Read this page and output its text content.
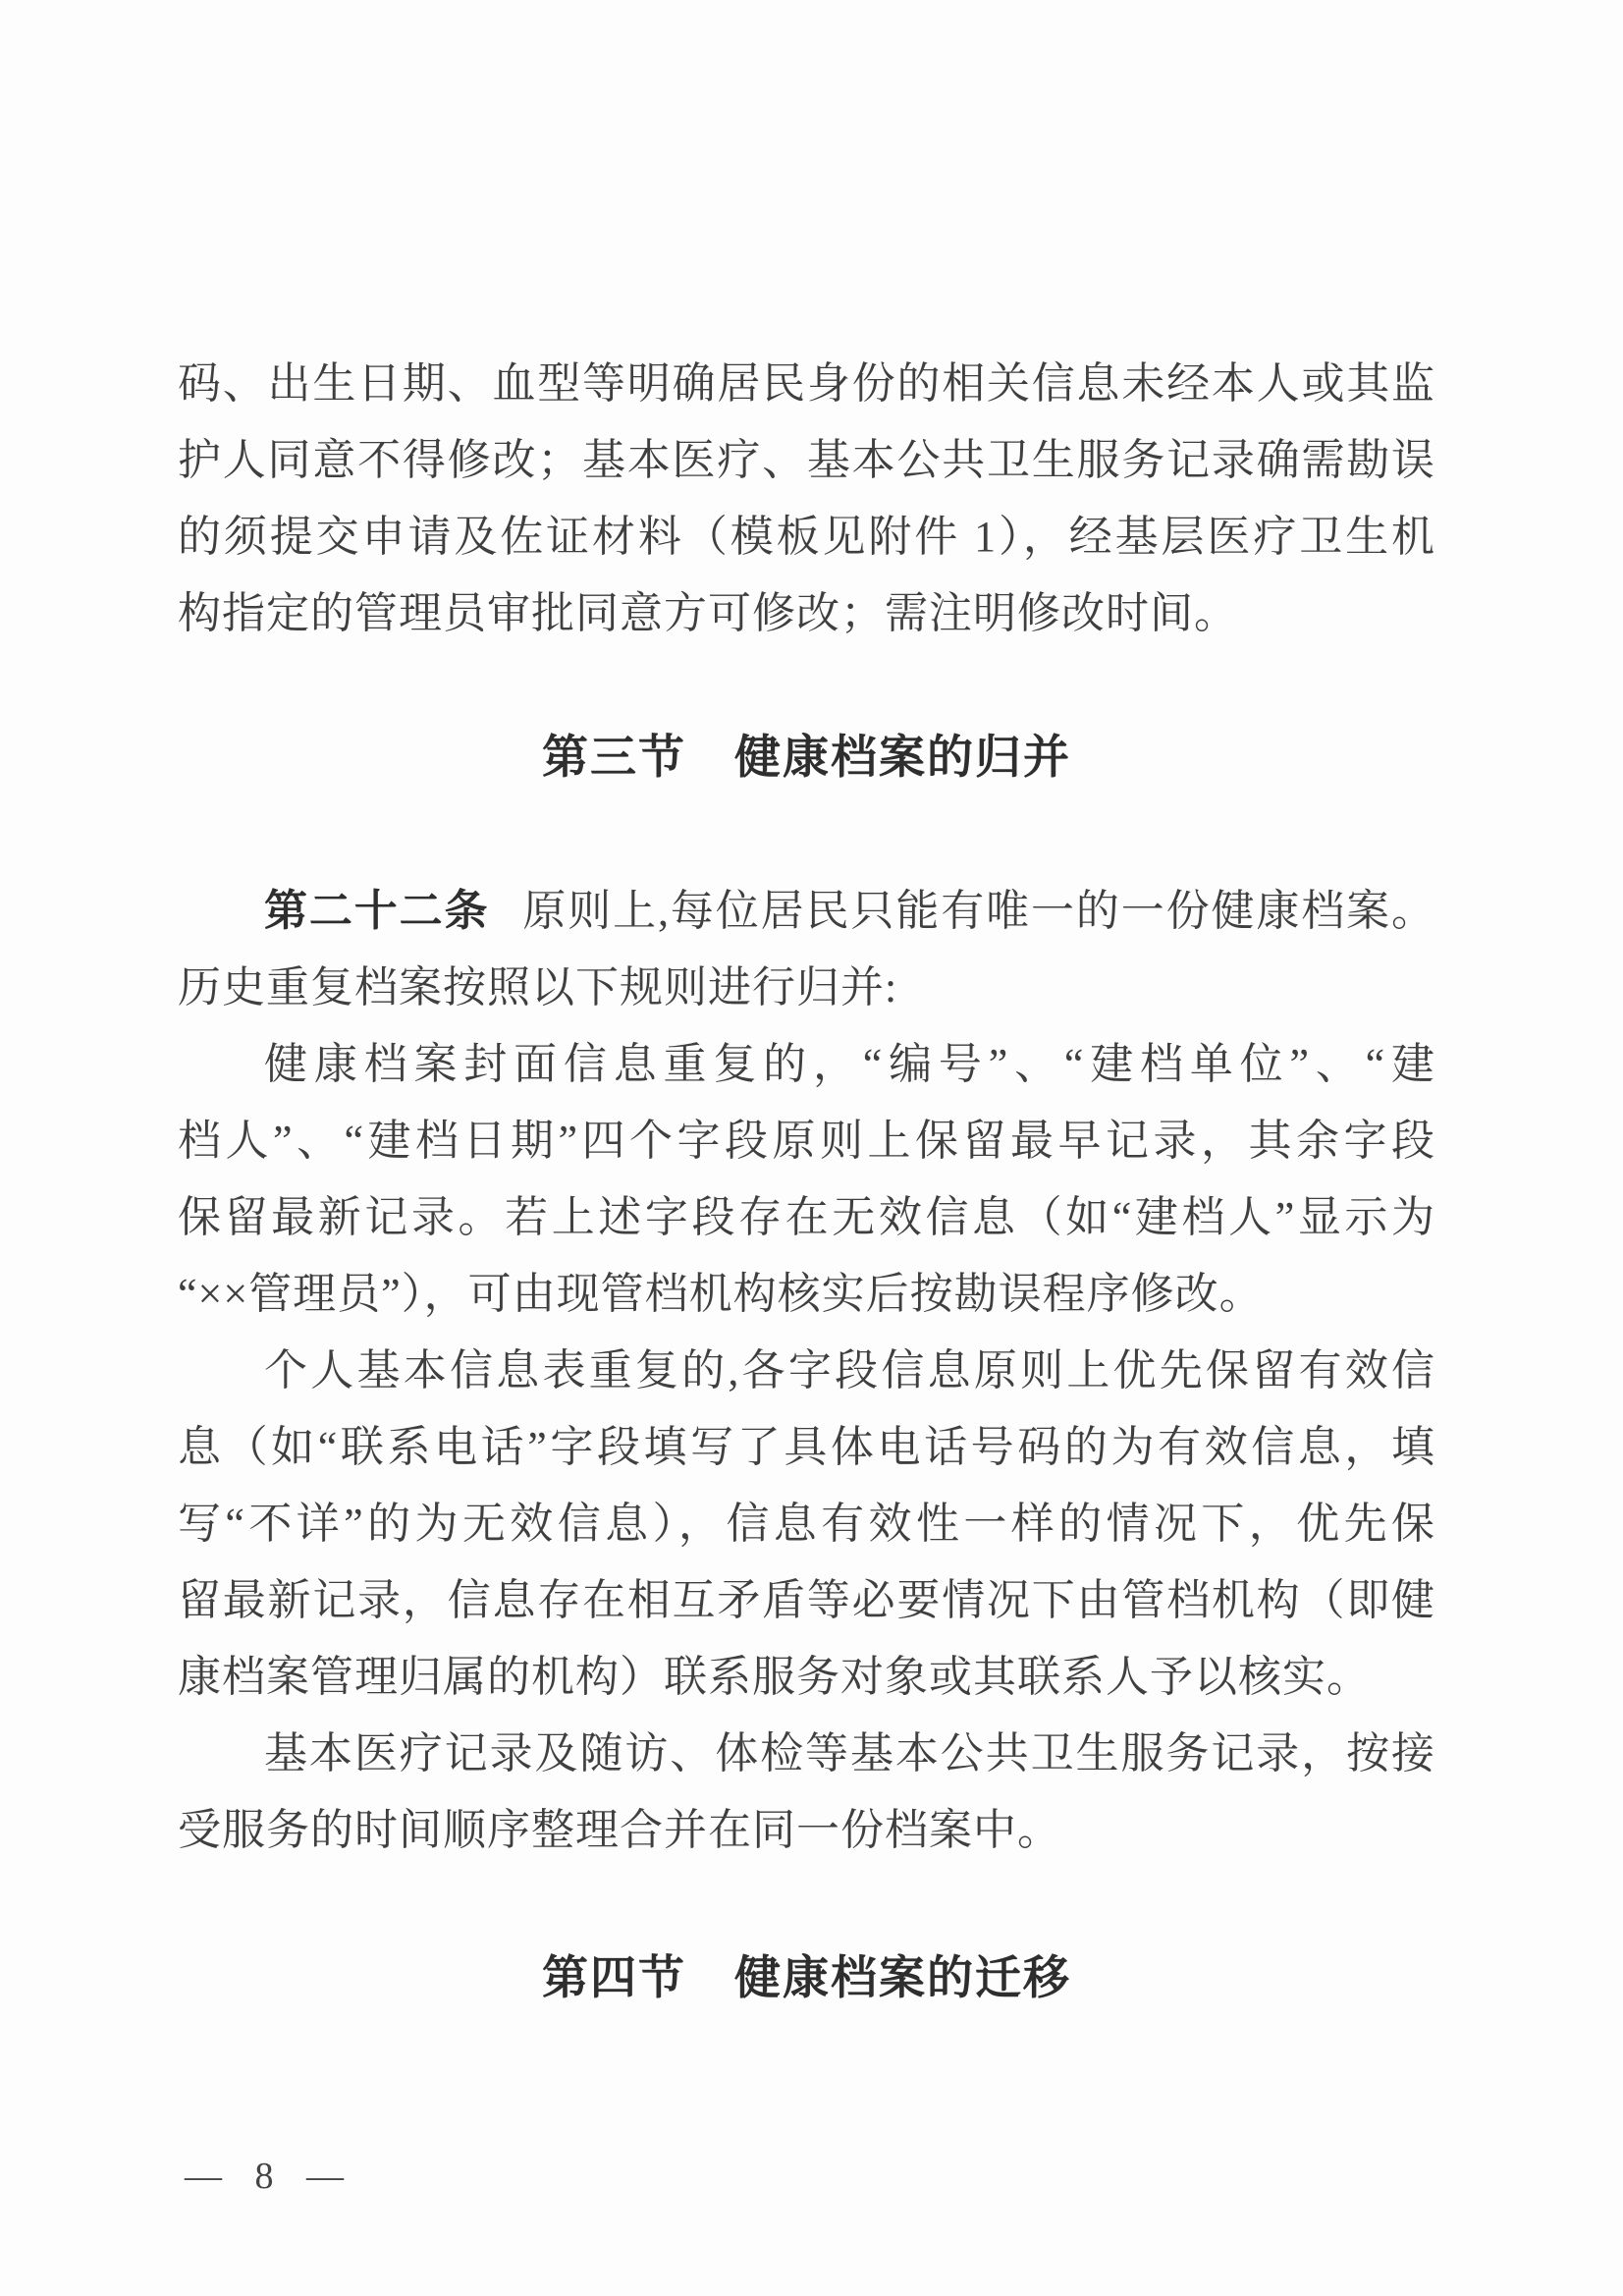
码、出生日期、血型等明确居民身份的相关信息未经本人或其监
护人同意不得修改；基本医疗、基本公共卫生服务记录确需勘误
的须提交申请及佐证材料（模板见附件 1），经基层医疗卫生机
构指定的管理员审批同意方可修改；需注明修改时间。
第三节　健康档案的归并
第二十二条 原则上,每位居民只能有唯一的一份健康档案。
历史重复档案按照以下规则进行归并:
健康档案封面信息重复的，“编号”、“建档单位”、“建
档人”、“建档日期”四个字段原则上保留最早记录，其余字段
保留最新记录。若上述字段存在无效信息（如“建档人”显示为
“××管理员”），可由现管档机构核实后按勘误程序修改。
个人基本信息表重复的,各字段信息原则上优先保留有效信
息（如“联系电话”字段填写了具体电话号码的为有效信息，填
写“不详”的为无效信息），信息有效性一样的情况下，优先保
留最新记录，信息存在相互矛盾等必要情况下由管档机构（即健
康档案管理归属的机构）联系服务对象或其联系人予以核实。
基本医疗记录及随访、体检等基本公共卫生服务记录，按接
受服务的时间顺序整理合并在同一份档案中。
第四节　健康档案的迁移
— 8 —
